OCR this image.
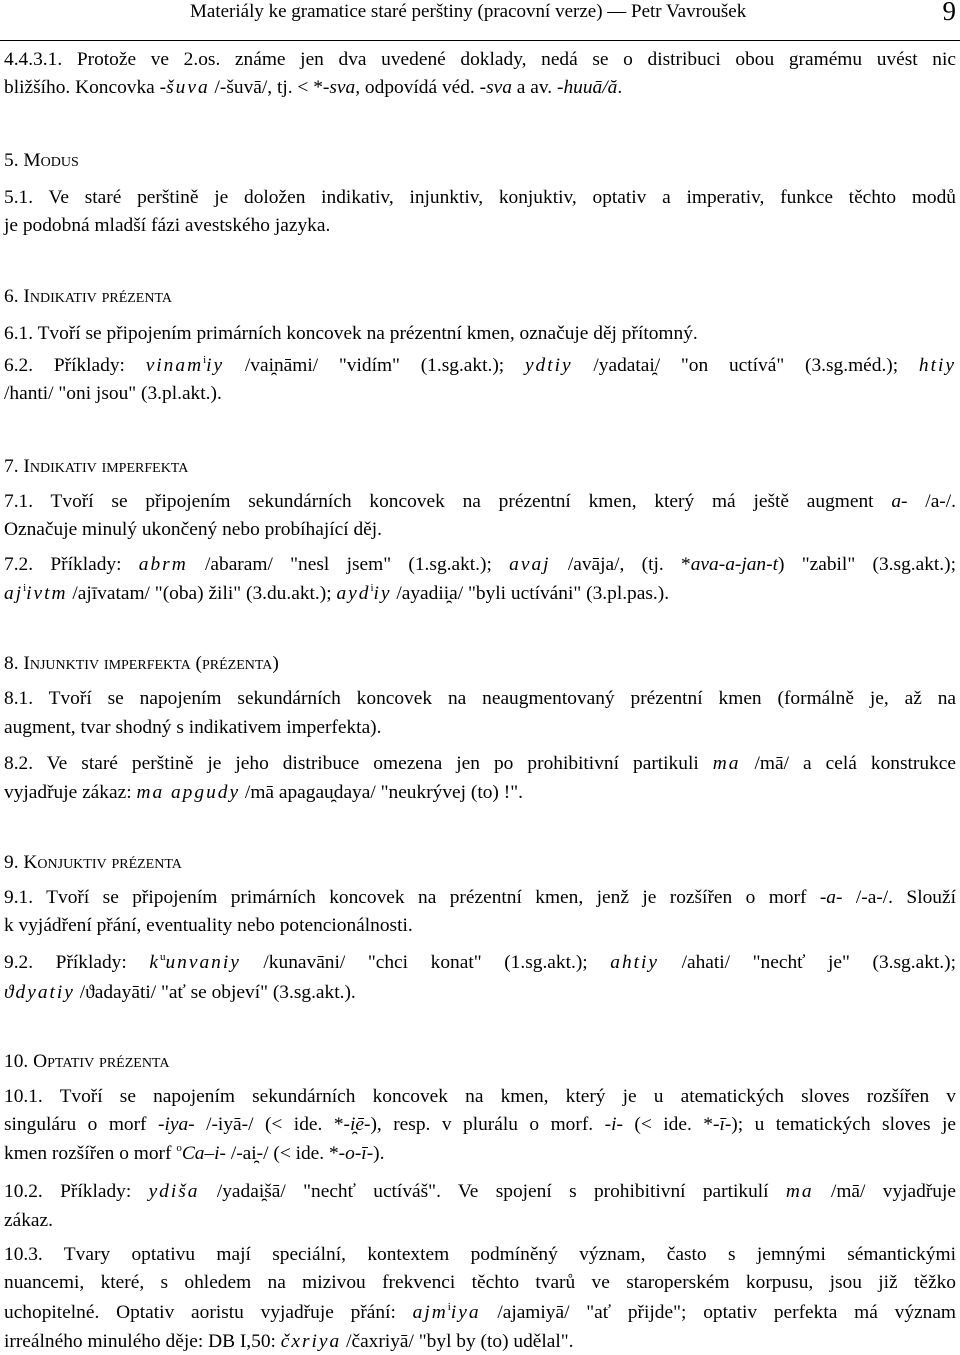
Materiály ke gramatice staré perštiny (pracovní verze) — Petr Vavroušek	9
4.4.3.1. Protože ve 2.os. známe jen dva uvedené doklady, nedá se o distribuci obou gramému uvést nic
bližšího. Koncovka -šuva /-šuvā/, tj. < *-sva, odpovídá véd. -sva a av. -huuā/ă.
5. Modus
5.1. Ve staré perštině je doložen indikativ, injunktiv, konjuktiv, optativ a imperativ, funkce těchto modů
je podobná mladší fázi avestského jazyka.
6. Indikativ prézenta
6.1. Tvoří se připojením primárních koncovek na prézentní kmen, označuje děj přítomný.
6.2. Příklady: vinam$^i$iy /vai̯nāmi/ "vidím" (1.sg.akt.); ydtiy /yadatai̯/ "on uctívá" (3.sg.méd.); htiy
/hanti/ "oni jsou" (3.pl.akt.).
7. Indikativ imperfekta
7.1. Tvoří se připojením sekundárních koncovek na prézentní kmen, který má ještě augment a- /a-/.
Označuje minulý ukončený nebo probíhající děj.
7.2. Příklady: abrm /abaram/ "nesl jsem" (1.sg.akt.); avaj /avāja/, (tj. *ava-a-jan-t) "zabil" (3.sg.akt.);
$aj^iivtm$ /ajīvatam/ "(oba) žili" (3.du.akt.); ayd$^i$iy /ayadii̯a/ "byli uctíváni" (3.pl.pas.).
8. Injunktiv imperfekta (prézenta)
8.1. Tvoří se napojením sekundárních koncovek na neaugmentovaný prézentní kmen (formálně je, až na
augment, tvar shodný s indikativem imperfekta).
8.2. Ve staré perštině je jeho distribuce omezena jen po prohibitivní partikuli ma /mā/ a celá konstrukce
vyjadřuje zákaz: ma apgudy /mā apagau̯daya/ "neukrývej (to) !".
9. Konjuktiv prézenta
9.1. Tvoří se připojením primárních koncovek na prézentní kmen, jenž je rozšířen o morf -a- /-a-/. Slouží
k vyjádření přání, eventuality nebo potencionálnosti.
9.2. Příklady: $k^uunvaniy$ /kunavāni/ "chci konat" (1.sg.akt.); ahtiy /ahati/ "nechť je" (3.sg.akt.);
ϑdyatiy /ϑadayāti/ "ať se objeví" (3.sg.akt.).
10. Optativ prézenta
10.1. Tvoří se napojením sekundárních koncovek na kmen, který je u atematických sloves rozšířen v
singuláru o morf -iya- /-iyā-/ (< ide. *-i̯ē-), resp. v plurálu o morf. -i- (< ide. *-ī-); u tematických sloves je
kmen rozšířen o morf $^o$Ca–i- /-ai̯-/ (< ide. *-o-ī-).
10.2. Příklady: ydiša /yadai̯šā/ "nechť uctíváš". Ve spojení s prohibitivní partikulí ma /mā/ vyjadřuje
zákaz.
10.3. Tvary optativu mají speciální, kontextem podmíněný význam, často s jemnými sémantickými
nuancemi, které, s ohledem na mizivou frekvenci těchto tvarů ve staroperském korpusu, jsou již těžko
uchopitelné. Optativ aoristu vyjadřuje přání: ajm$^i$iya /ajamiyā/ "ať přijde"; optativ perfekta má význam
irreálného minulého děje: DB I,50: čxriya /čaxriyā/ "byl by (to) udělal".
